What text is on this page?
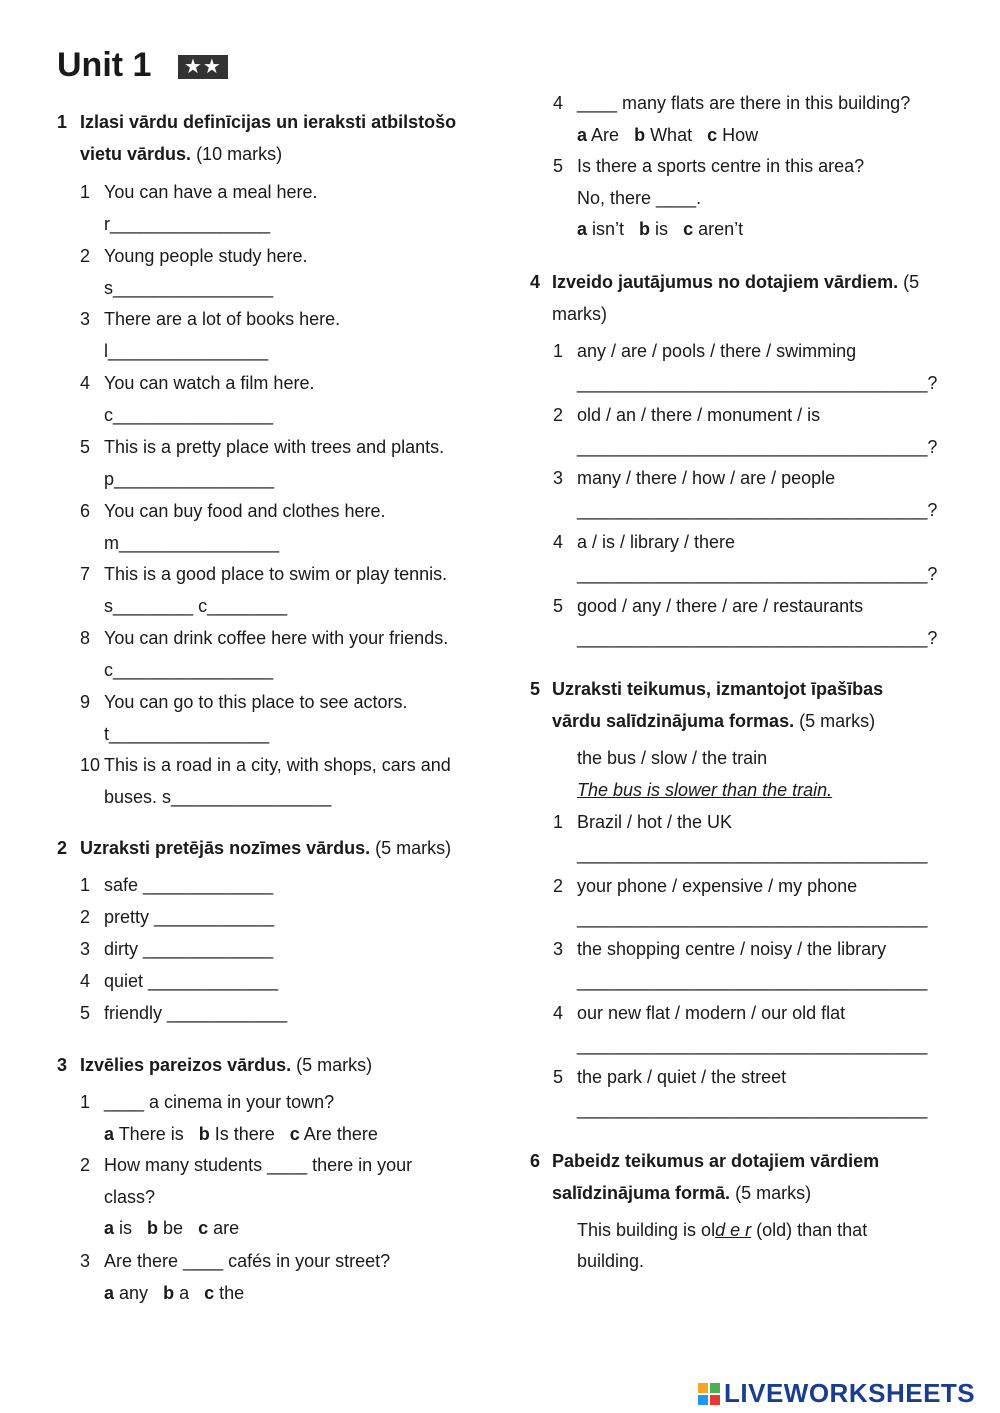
Unit 1	★★
1 Izlasi vārdu definīcijas un ieraksti atbilstošo
vietu vārdus. (10 marks)
2 Uzraksti pretējās nozīmes vārdus. (5 marks)
3 Izvēlies pareizos vārdus. (5 marks)
4 Izveido jautājumus no dotajiem vārdiem. (5
marks)
5 Uzraksti teikumus, izmantojot īpašības
vārdu salīdzinājuma formas. (5 marks)
the bus / slow / the train
The bus is slower than the train.
6 Pabeidz teikumus ar dotajiem vārdiem
salīdzinājuma formā. (5 marks)
This building is old e r (old) than that
building.
LIVEWORKSHEETS
1 You can have a meal here.
r________________
2 Young people study here.
s________________
3 There are a lot of books here.
l________________
4 You can watch a film here.
c________________
5 This is a pretty place with trees and plants.
p________________
6 You can buy food and clothes here.
m________________
7 This is a good place to swim or play tennis.
s________ c________
8 You can drink coffee here with your friends.
c________________
9 You can go to this place to see actors.
t________________
10 This is a road in a city, with shops, cars and
buses. s________________
1 safe _____________
2 pretty ____________
3 dirty _____________
4 quiet _____________
5 friendly ____________
1 ____ a cinema in your town?
a There is b Is there c Are there
2 How many students ____ there in your
class?
a is b be c are
3 Are there ____ cafés in your street?
a any b a c the
4 ____ many flats are there in this building?
a Are b What c How
5 Is there a sports centre in this area?
No, there ____.
a isn’t b is c aren’t
1 any / are / pools / there / swimming
___________________________________?
2 old / an / there / monument / is
___________________________________?
3 many / there / how / are / people
___________________________________?
4 a / is / library / there
___________________________________?
5 good / any / there / are / restaurants
___________________________________?
1 Brazil / hot / the UK
___________________________________
2 your phone / expensive / my phone
___________________________________
3 the shopping centre / noisy / the library
___________________________________
4 our new flat / modern / our old flat
___________________________________
5 the park / quiet / the street
___________________________________
